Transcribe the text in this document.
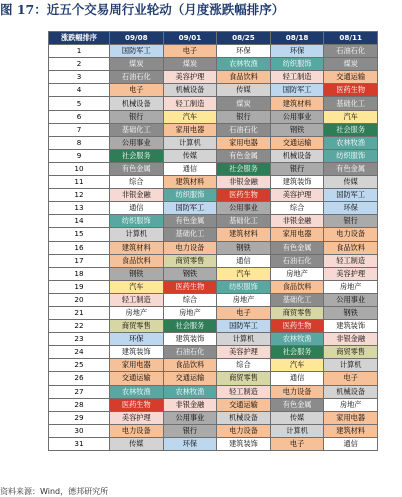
图 17：近五个交易周行业轮动（月度涨跌幅排序）
涨跌幅排序	09/08	09/01	08/25	08/18	08/11
1	国防军工	电子	环保	环保	石油石化
2	煤炭	煤炭	农林牧渔	纺织服饰	煤炭
3	石油石化	美容护理	食品饮料	轻工制造	交通运输
4	电子	机械设备	传媒	国防军工	医药生物
5	机械设备	轻工制造	煤炭	建筑材料	基础化工
6	银行	汽车	银行	公用事业	汽车
7	基础化工	家用电器	石油石化	钢铁	社会服务
8	公用事业	计算机	家用电器	交通运输	农林牧渔
9	社会服务	传媒	有色金属	机械设备	纺织服饰
10	有色金属	通信	社会服务	银行	有色金属
11	综合	建筑材料	非银金融	建筑装饰	传媒
12	非银金融	纺织服饰	医药生物	美容护理	国防军工
13	通信	国防军工	公用事业	综合	环保
14	纺织服饰	有色金属	基础化工	非银金融	银行
15	计算机	基础化工	建筑材料	家用电器	电力设备
16	建筑材料	电力设备	钢铁	有色金属	食品饮料
17	食品饮料	商贸零售	通信	石油石化	轻工制造
18	钢铁	钢铁	汽车	房地产	美容护理
19	汽车	医药生物	纺织服饰	食品饮料	房地产
20	轻工制造	综合	房地产	基础化工	公用事业
21	房地产	房地产	电子	商贸零售	钢铁
22	商贸零售	社会服务	国防军工	医药生物	建筑装饰
23	环保	建筑装饰	计算机	农林牧渔	非银金融
24	建筑装饰	石油石化	美容护理	社会服务	商贸零售
25	家用电器	食品饮料	综合	汽车	计算机
26	交通运输	交通运输	商贸零售	通信	电子
27	农林牧渔	农林牧渔	轻工制造	电力设备	机械设备
28	医药生物	非银金融	交通运输	有色金属	房地产
29	美容护理	公用事业	机械设备	传媒	家用电器
30	电力设备	银行	电力设备	计算机	建筑材料
31	传媒	环保	建筑装饰	电子	通信
资料来源：Wind，德邦研究所
